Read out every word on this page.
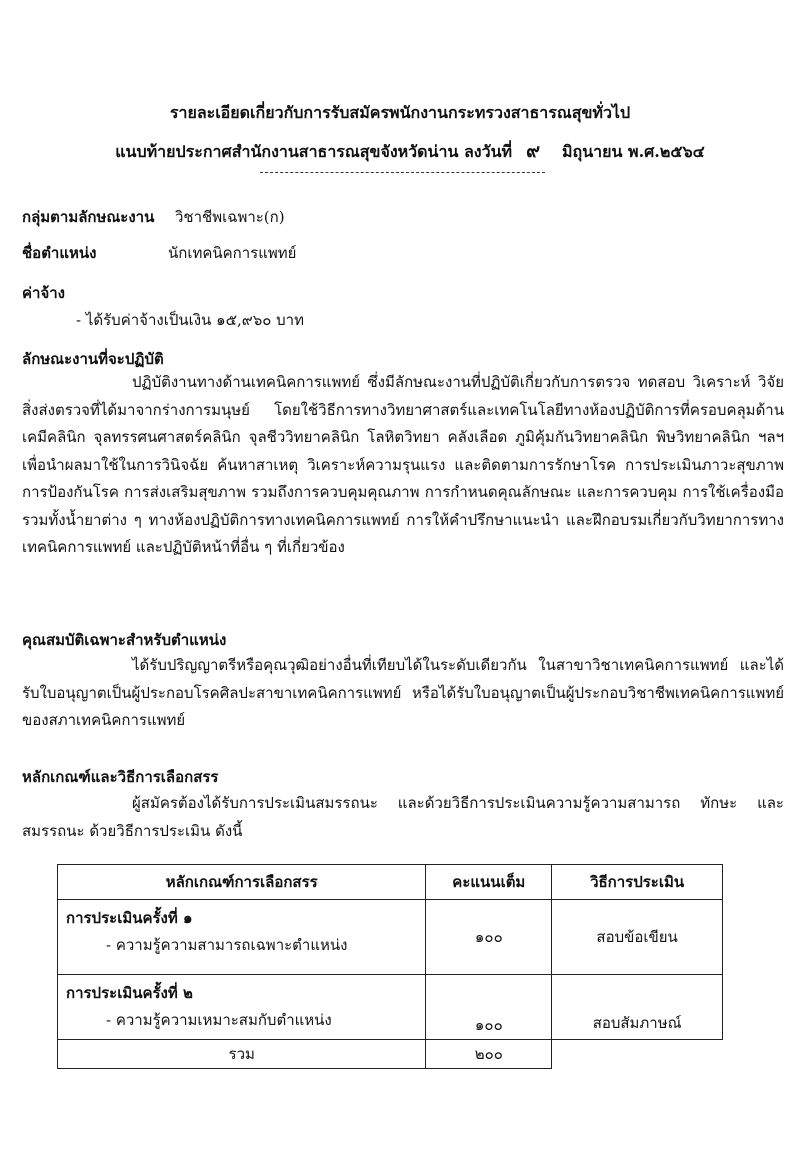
รายละเอียดเกี่ยวกับการรับสมัครพนักงานกระทรวงสาธารณสุขทั่วไป
แนบท้ายประกาศสำนักงานสาธารณสุขจังหวัดน่าน ลงวันที่ ๙ มิถุนายน พ.ศ.๒๕๖๔
กลุ่มตามลักษณะงาน วิชาชีพเฉพาะ(ก)
ชื่อตำแหน่ง	นักเทคนิคการแพทย์
ค่าจ้าง
- ได้รับค่าจ้างเป็นเงิน ๑๕,๙๖๐ บาท
ลักษณะงานที่จะปฏิบัติ
ปฏิบัติงานทางด้านเทคนิคการแพทย์ ซึ่งมีลักษณะงานที่ปฏิบัติเกี่ยวกับการตรวจ ทดสอบ วิเคราะห์ วิจัยสิ่งส่งตรวจที่ได้มาจากร่างการมนุษย์ โดยใช้วิธีการทางวิทยาศาสตร์และเทคโนโลยีทางห้องปฏิบัติการที่ครอบคลุมด้านเคมีคลินิก จุลทรรศนศาสตร์คลินิก จุลชีววิทยาคลินิก โลหิตวิทยา คลังเลือด ภูมิคุ้มกันวิทยาคลินิก พิษวิทยาคลินิก ฯลฯ เพื่อนำผลมาใช้ในการวินิจฉัย ค้นหาสาเหตุ วิเคราะห์ความรุนแรง และติดตามการรักษาโรค การประเมินภาวะสุขภาพ การป้องกันโรค การส่งเสริมสุขภาพ รวมถึงการควบคุมคุณภาพ การกำหนดคุณลักษณะ และการควบคุม การใช้เครื่องมือรวมทั้งน้ำยาต่าง ๆ ทางห้องปฏิบัติการทางเทคนิคการแพทย์ การให้คำปรึกษาแนะนำ และฝึกอบรมเกี่ยวกับวิทยาการทางเทคนิคการแพทย์ และปฏิบัติหน้าที่อื่น ๆ ที่เกี่ยวข้อง
คุณสมบัติเฉพาะสำหรับตำแหน่ง
ได้รับปริญญาตรีหรือคุณวุฒิอย่างอื่นที่เทียบได้ในระดับเดียวกัน ในสาขาวิชาเทคนิคการแพทย์ และได้รับใบอนุญาตเป็นผู้ประกอบโรคศิลปะสาขาเทคนิคการแพทย์ หรือได้รับใบอนุญาตเป็นผู้ประกอบวิชาชีพเทคนิคการแพทย์ของสภาเทคนิคการแพทย์
หลักเกณฑ์และวิธีการเลือกสรร
ผู้สมัครต้องได้รับการประเมินสมรรถนะ และด้วยวิธีการประเมินความรู้ความสามารถ ทักษะ และสมรรถนะ ด้วยวิธีการประเมิน ดังนี้
หลักเกณฑ์การเลือกสรร	คะแนนเต็ม	วิธีการประเมิน

การประเมินครั้งที่ ๑
- ความรู้ความสามารถเฉพาะตำแหน่ง	๑๐๐	สอบข้อเขียน

การประเมินครั้งที่ ๒
- ความรู้ความเหมาะสมกับตำแหน่ง	๑๐๐	สอบสัมภาษณ์
รวม	๒๐๐	
